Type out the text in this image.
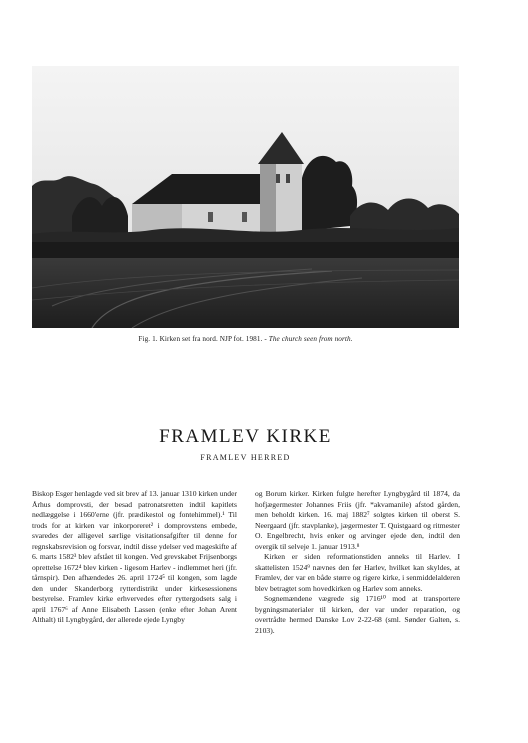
Fig. 1. Kirken set fra nord. NJP fot. 1981. - The church seen from north.
FRAMLEV KIRKE
FRAMLEV HERRED

Biskop Esger henlagde ved sit brev af 13. januar 1310 kirken under Århus domprovsti, der besad patronatsretten indtil kapitlets nedlæggelse i 1660'erne (jfr. prædikestol og fontehimmel).¹ Til trods for at kirken var inkorporeret² i domprovstens embede, svaredes der alligevel særlige visitationsafgifter til denne for regnskabsrevision og forsvar, indtil disse ydelser ved mageskifte af 6. marts 1582³ blev afstået til kongen. Ved grevskabet Frijsenborgs oprettelse 1672⁴ blev kirken - ligesom Harlev - indlemmet heri (jfr. tårnspir). Den afhændedes 26. april 1724⁵ til kongen, som lagde den under Skanderborg rytterdistrikt under kirkesessionens bestyrelse. Framlev kirke erhvervedes efter ryttergodsets salg i april 1767⁶ af Anne Elisabeth Lassen (enke efter Johan Arent Althalt) til Lyngbygård, der allerede ejede Lyngby

og Borum kirker. Kirken fulgte herefter Lyngbygård til 1874, da hofjægermester Johannes Friis (jfr. *akvamanile) afstod gården, men beholdt kirken. 16. maj 1882⁷ solgtes kirken til oberst S. Neergaard (jfr. stavplanke), jægermester T. Quistgaard og ritmester O. Engelbrecht, hvis enker og arvinger ejede den, indtil den overgik til selveje 1. januar 1913.⁸

Kirken er siden reformationstiden anneks til Harlev. I skattelisten 1524⁹ nævnes den før Harlev, hvilket kan skyldes, at Framlev, der var en både større og rigere kirke, i senmiddelalderen blev betragtet som hovedkirken og Harlev som anneks.

Sognemændene vægrede sig 1716¹⁰ mod at transportere bygningsmaterialer til kirken, der var under reparation, og overtrådte hermed Danske Lov 2-22-68 (sml. Sønder Galten, s. 2103).
